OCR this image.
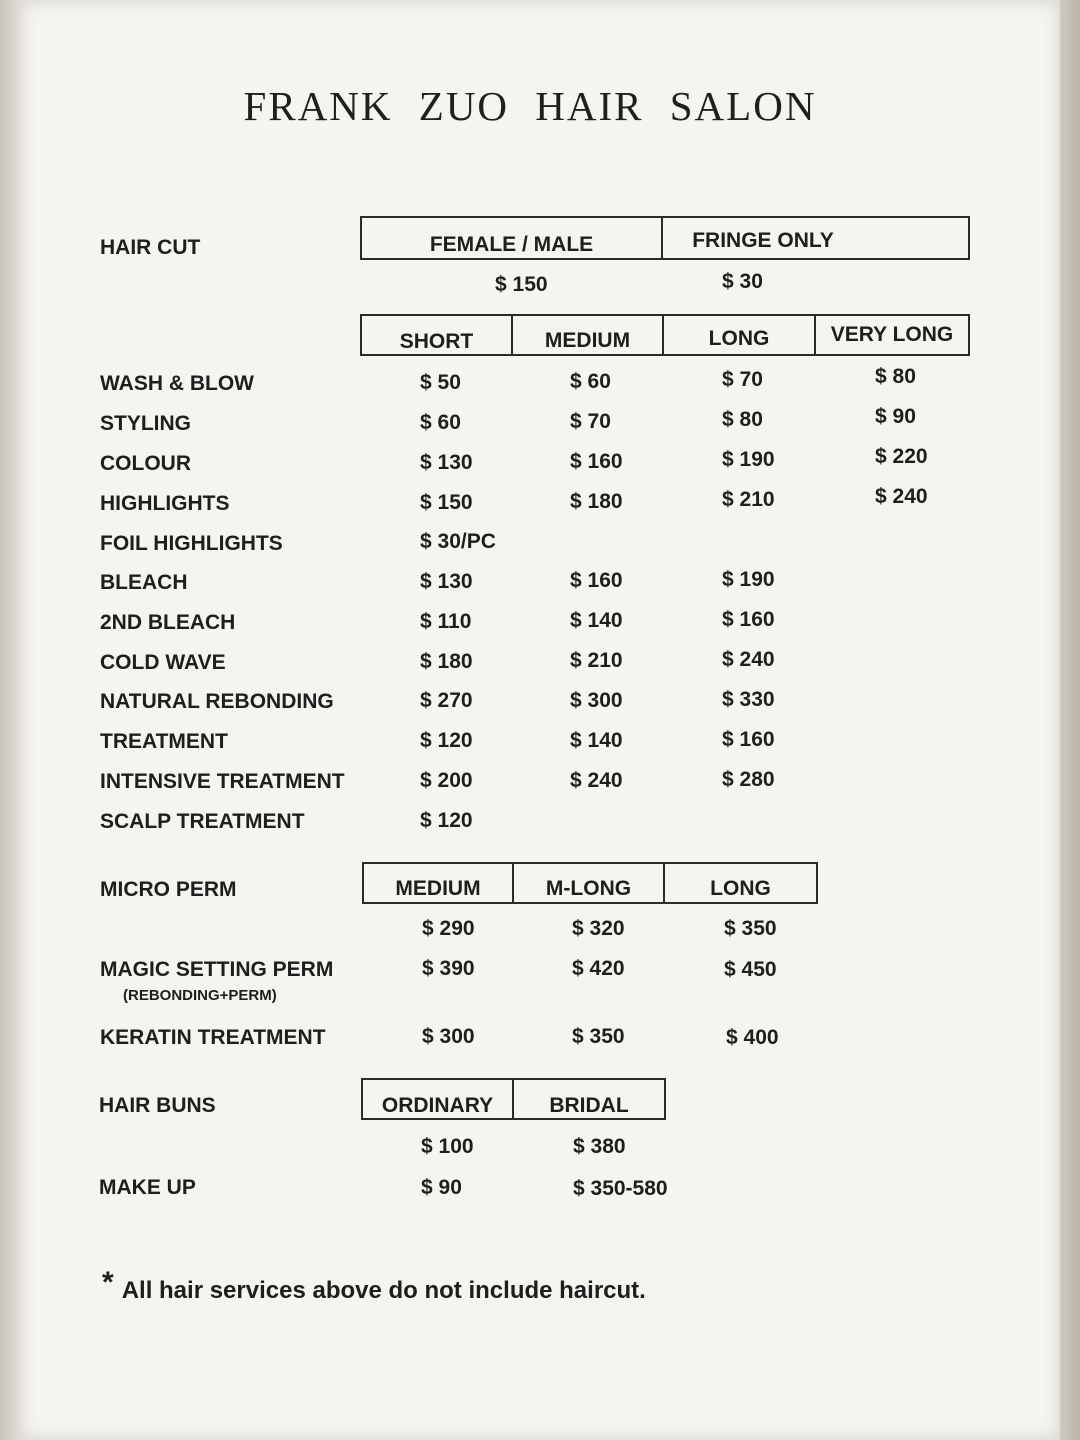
FRANK ZUO HAIR SALON
HAIR CUT	FEMALE / MALE	FRINGE ONLY
$ 150	$ 30
SHORT	MEDIUM	LONG	VERY LONG
WASH & BLOW	$ 50	$ 60	$ 70	$ 80
STYLING	$ 60	$ 70	$ 80	$ 90
COLOUR	$ 130	$ 160	$ 190	$ 220
HIGHLIGHTS	$ 150	$ 180	$ 210	$ 240
FOIL HIGHLIGHTS	$ 30/PC
BLEACH	$ 130	$ 160	$ 190
2ND BLEACH	$ 110	$ 140	$ 160
COLD WAVE	$ 180	$ 210	$ 240
NATURAL REBONDING	$ 270	$ 300	$ 330
TREATMENT	$ 120	$ 140	$ 160
INTENSIVE TREATMENT	$ 200	$ 240	$ 280
SCALP TREATMENT	$ 120
MICRO PERM	MEDIUM	M-LONG	LONG
$ 290	$ 320	$ 350
MAGIC SETTING PERM
(REBONDING+PERM)
$ 390	$ 420	$ 450
KERATIN TREATMENT	$ 300	$ 350	$ 400
HAIR BUNS	ORDINARY	BRIDAL
$ 100	$ 380
MAKE UP	$ 90	$ 350-580
* All hair services above do not include haircut.
